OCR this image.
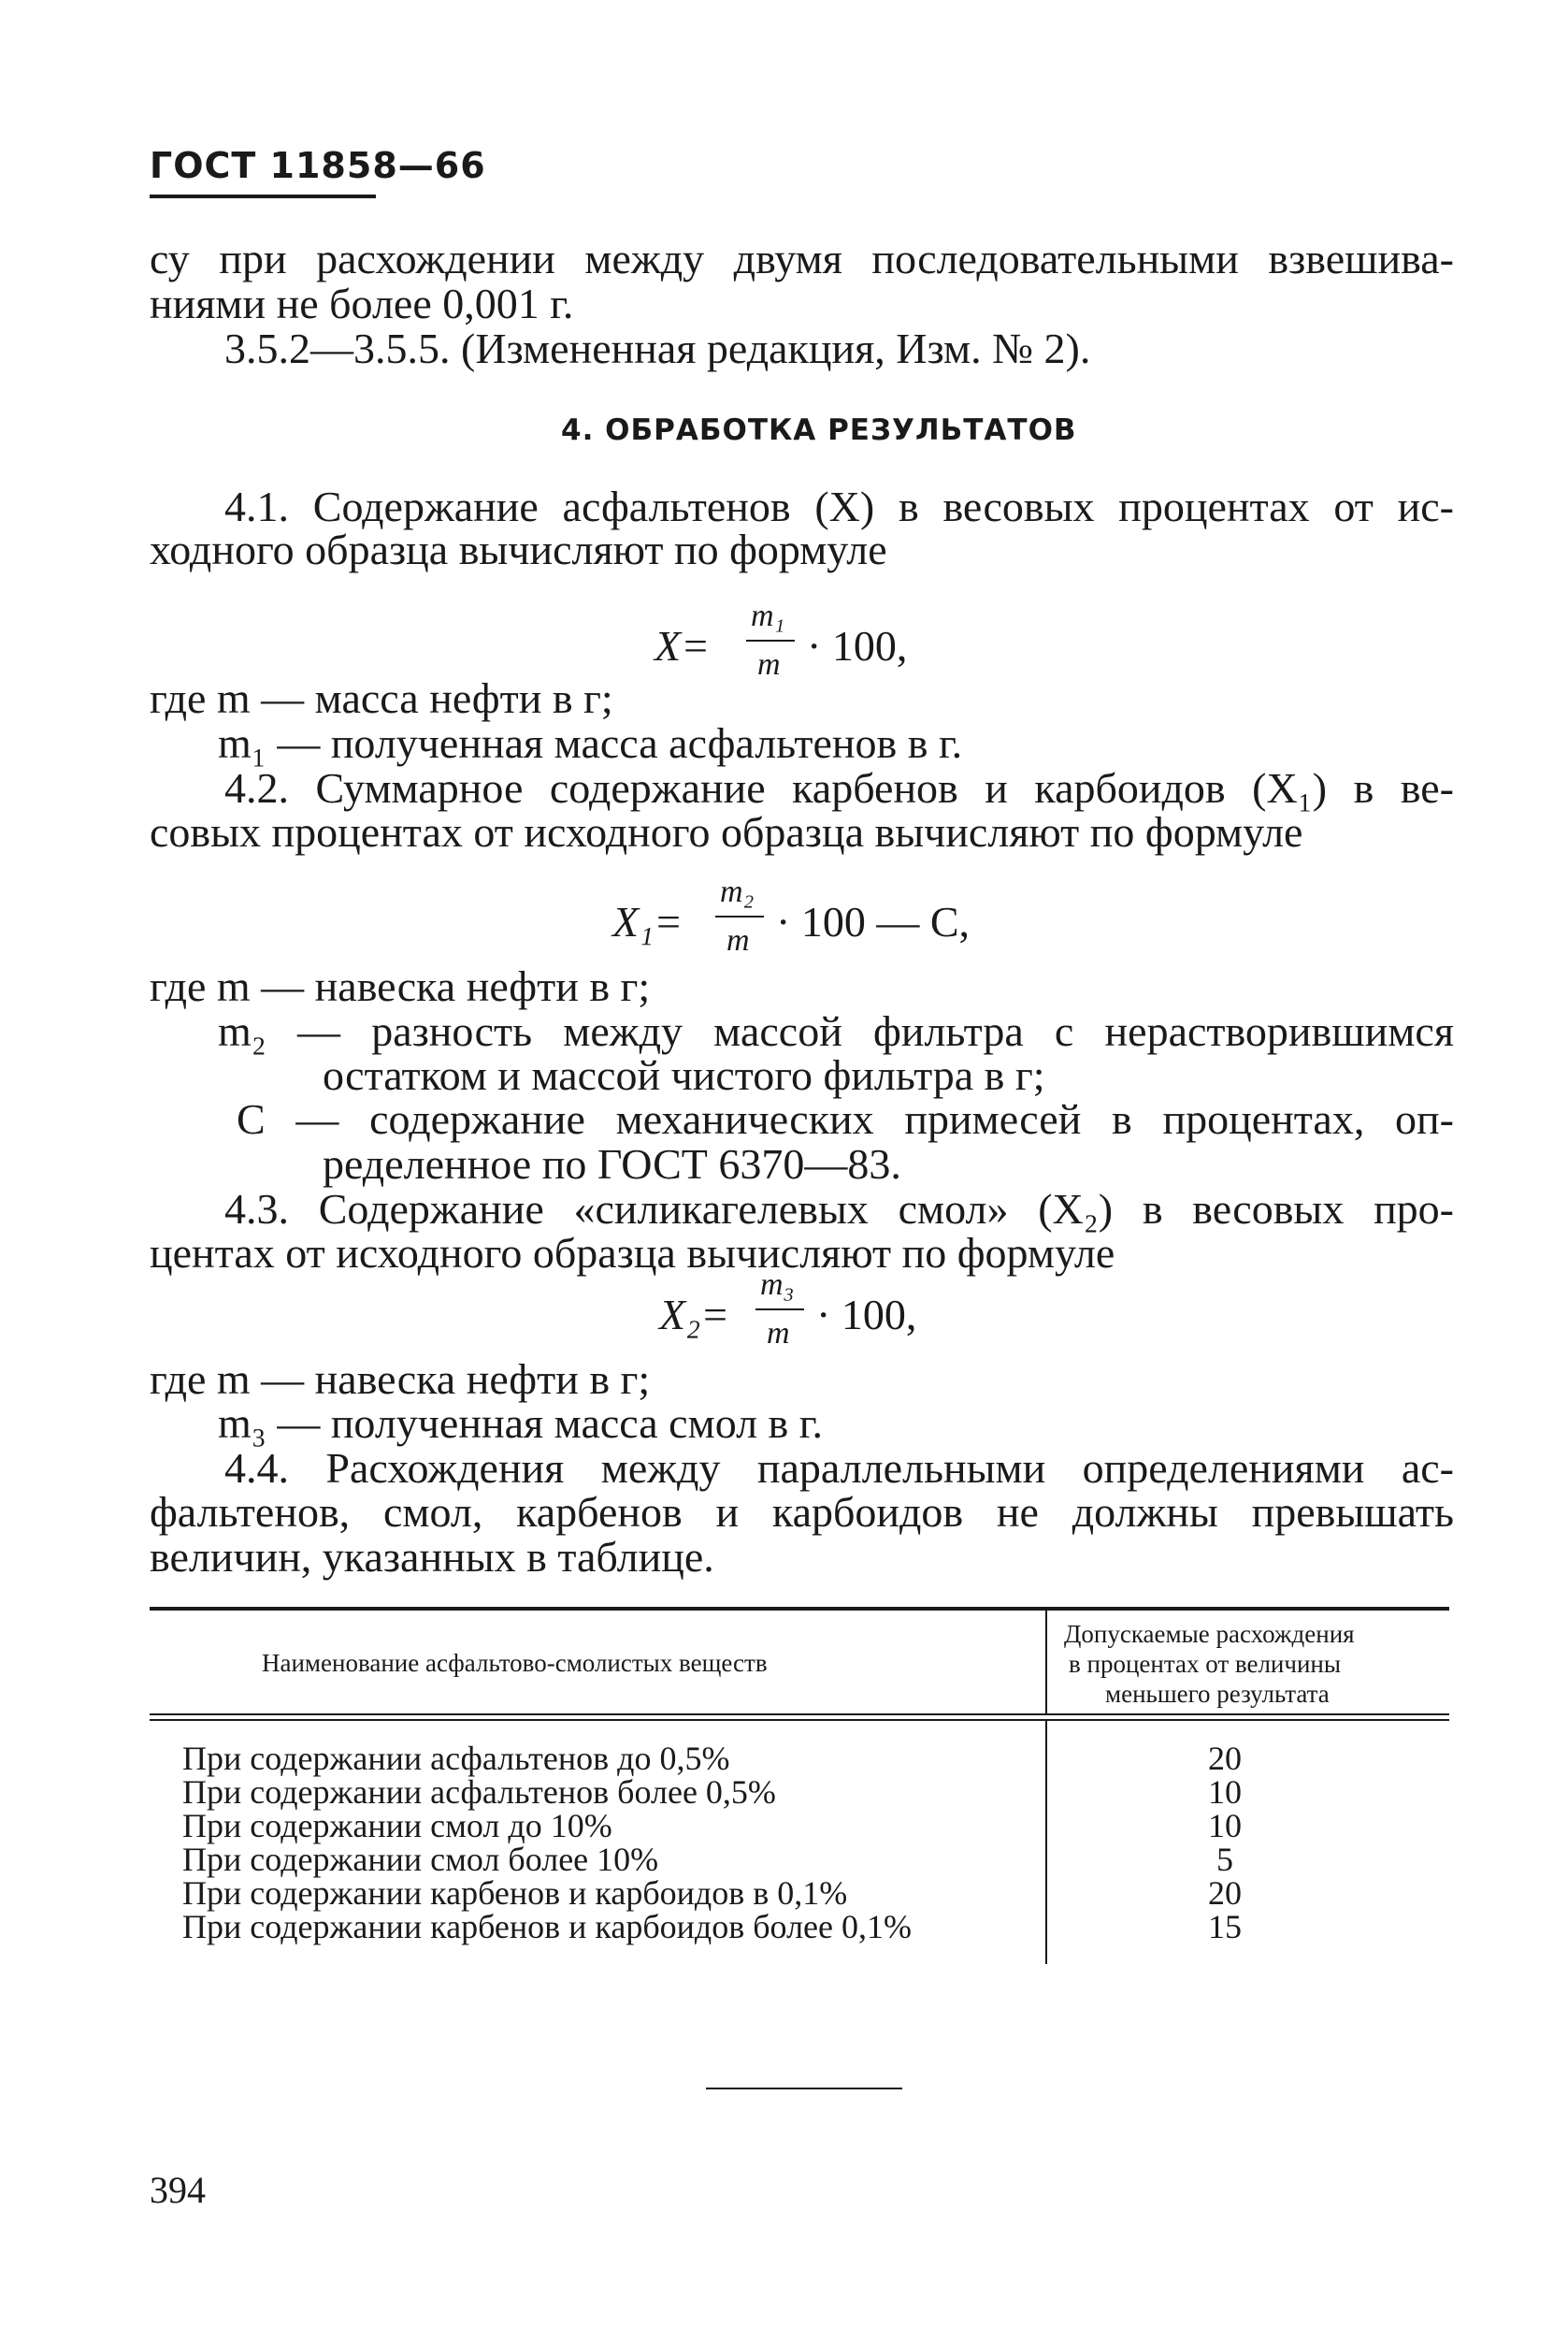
ГОСТ 11858—66
су при расхождении между двумя последовательными взвешива-
ниями не более 0,001 г.
3.5.2—3.5.5. (Измененная редакция, Изм. № 2).
4. ОБРАБОТКА РЕЗУЛЬТАТОВ
4.1. Содержание асфальтенов (X) в весовых процентах от ис-
ходного образца вычисляют по формуле
X=
m₁
m · 100,
где m — масса нефти в г;
m₁ — полученная масса асфальтенов в г.
4.2. Суммарное содержание карбенов и карбоидов (X₁) в ве-
совых процентах от исходного образца вычисляют по формуле
X₁=
m₂
m · 100 — C,
где m — навеска нефти в г;
m₂ — разность между массой фильтра с нерастворившимся
остатком и массой чистого фильтра в г;
C — содержание механических примесей в процентах, оп-
ределенное по ГОСТ 6370—83.
4.3. Содержание «силикагелевых смол» (X₂) в весовых про-
центах от исходного образца вычисляют по формуле
X₂=
m₃
m · 100,
где m — навеска нефти в г;
m₃ — полученная масса смол в г.
4.4. Расхождения между параллельными определениями ас-
фальтенов, смол, карбенов и карбоидов не должны превышать
величин, указанных в таблице.
Наименование асфальтово-смолистых веществ
Допускаемые расхождения
в процентах от величины
меньшего результата
При содержании асфальтенов до 0,5%	20
При содержании асфальтенов более 0,5%	10
При содержании смол до 10%	10
При содержании смол более 10%	5
При содержании карбенов и карбоидов в 0,1%	20
При содержании карбенов и карбоидов более 0,1%	15
394
